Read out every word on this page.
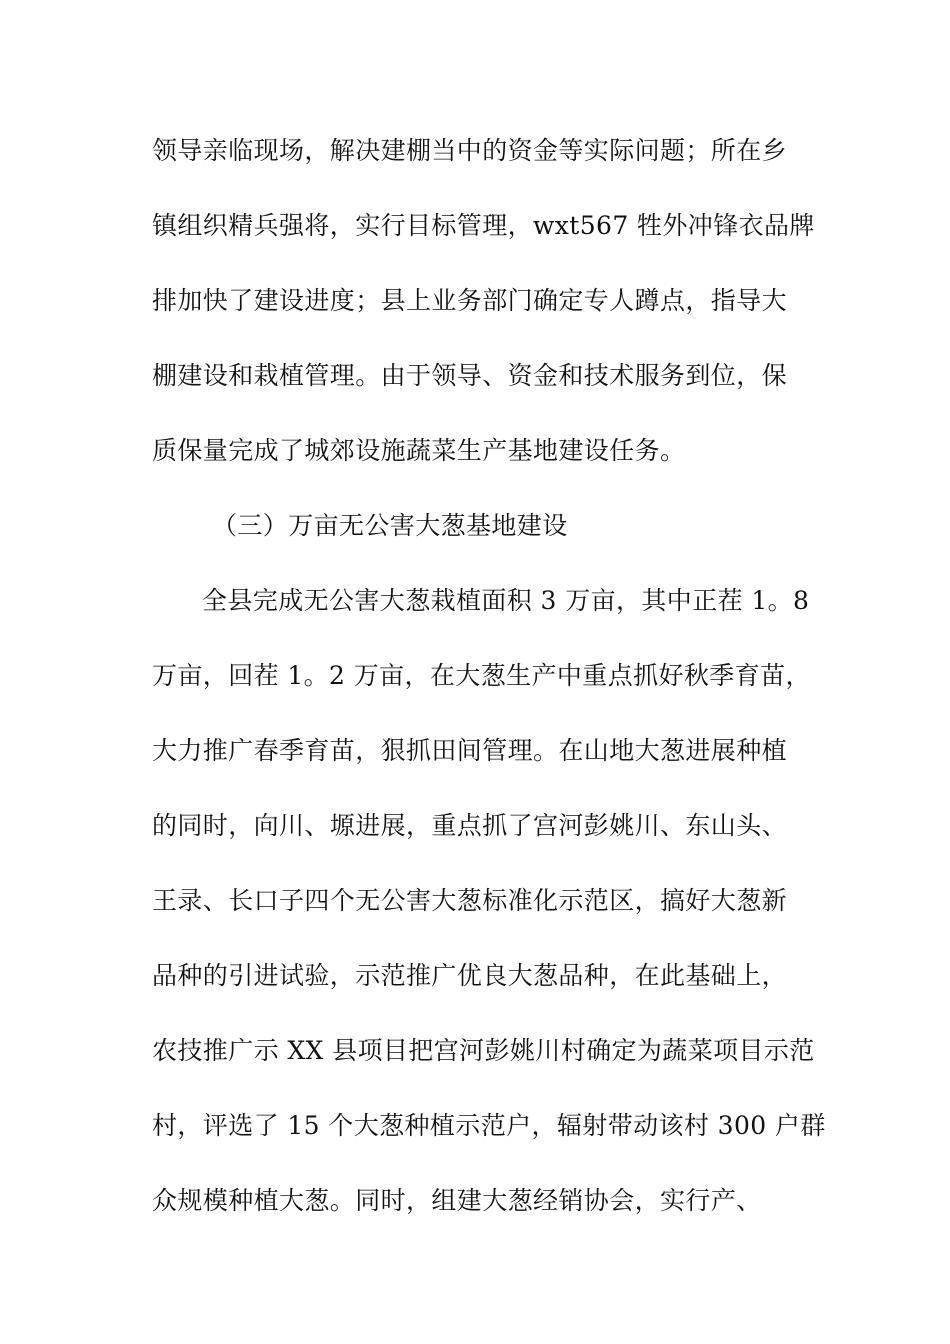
领导亲临现场，解决建棚当中的资金等实际问题；所在乡
镇组织精兵强将，实行目标管理，wxt567 牲外冲锋衣品牌
排加快了建设进度；县上业务部门确定专人蹲点，指导大
棚建设和栽植管理。由于领导、资金和技术服务到位，保
质保量完成了城郊设施蔬菜生产基地建设任务。
（三）万亩无公害大葱基地建设
全县完成无公害大葱栽植面积 3 万亩，其中正茬 1。8
万亩，回茬 1。2 万亩，在大葱生产中重点抓好秋季育苗，
大力推广春季育苗，狠抓田间管理。在山地大葱进展种植
的同时，向川、塬进展，重点抓了宫河彭姚川、东山头、
王录、长口子四个无公害大葱标准化示范区，搞好大葱新
品种的引进试验，示范推广优良大葱品种，在此基础上，
农技推广示 XX 县项目把宫河彭姚川村确定为蔬菜项目示范
村，评选了 15 个大葱种植示范户，辐射带动该村 300 户群
众规模种植大葱。同时，组建大葱经销协会，实行产、
